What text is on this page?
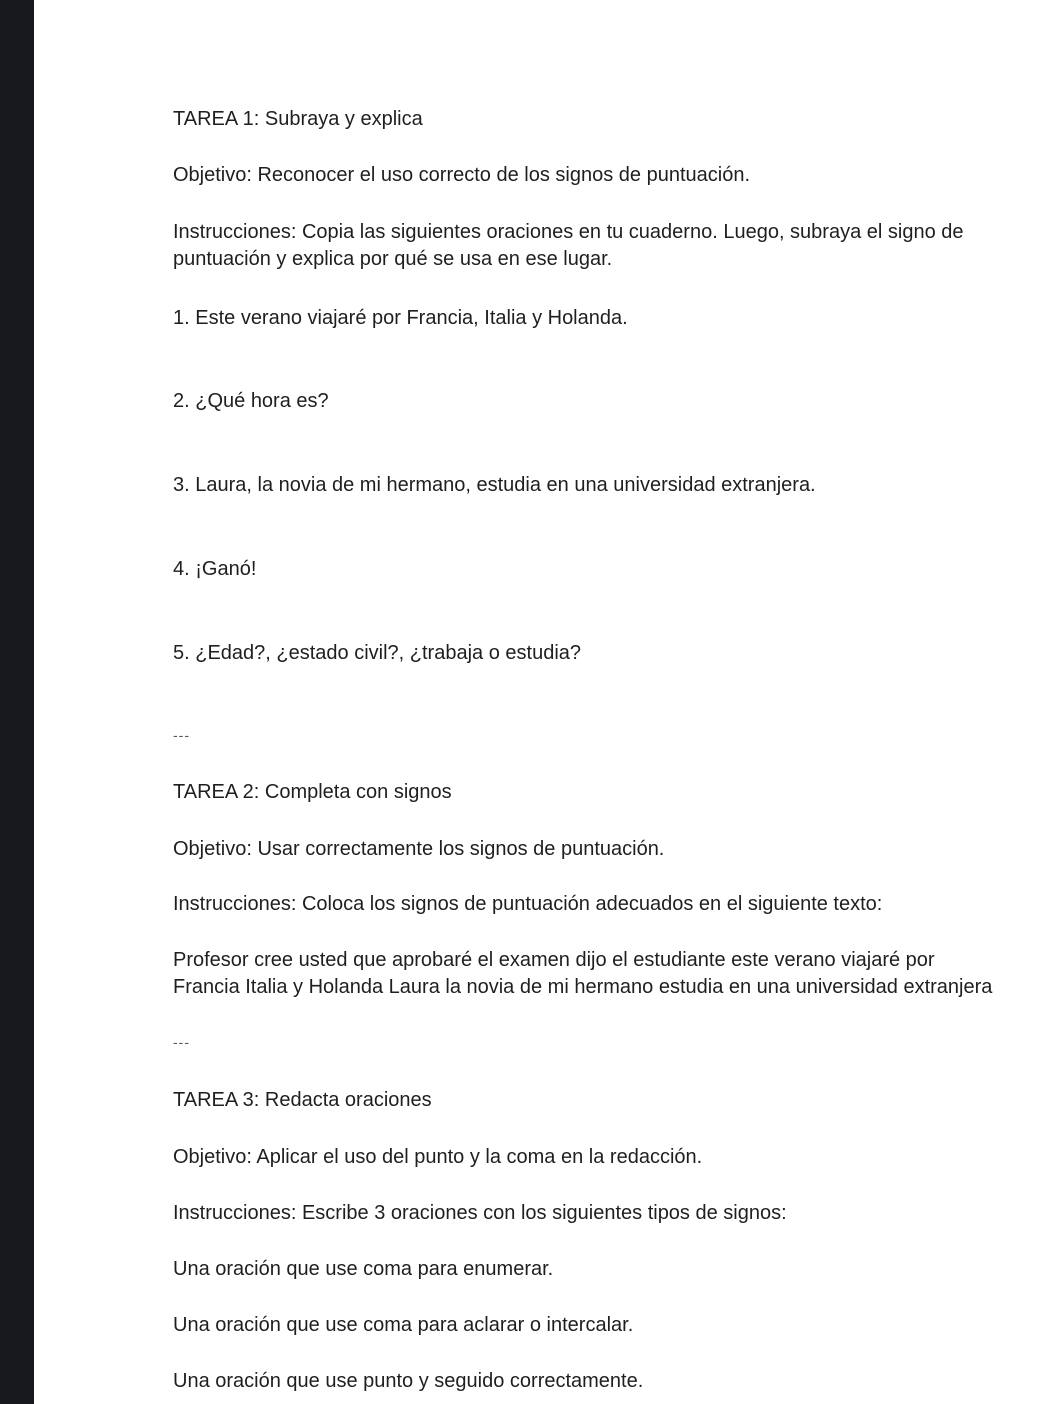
TAREA 1: Subraya y explica
Objetivo: Reconocer el uso correcto de los signos de puntuación.
Instrucciones: Copia las siguientes oraciones en tu cuaderno. Luego, subraya el signo de
puntuación y explica por qué se usa en ese lugar.
1. Este verano viajaré por Francia, Italia y Holanda.
2. ¿Qué hora es?
3. Laura, la novia de mi hermano, estudia en una universidad extranjera.
4. ¡Ganó!
5. ¿Edad?, ¿estado civil?, ¿trabaja o estudia?
---
TAREA 2: Completa con signos
Objetivo: Usar correctamente los signos de puntuación.
Instrucciones: Coloca los signos de puntuación adecuados en el siguiente texto:
Profesor cree usted que aprobaré el examen dijo el estudiante este verano viajaré por
Francia Italia y Holanda Laura la novia de mi hermano estudia en una universidad extranjera
---
TAREA 3: Redacta oraciones
Objetivo: Aplicar el uso del punto y la coma en la redacción.
Instrucciones: Escribe 3 oraciones con los siguientes tipos de signos:
Una oración que use coma para enumerar.
Una oración que use coma para aclarar o intercalar.
Una oración que use punto y seguido correctamente.
